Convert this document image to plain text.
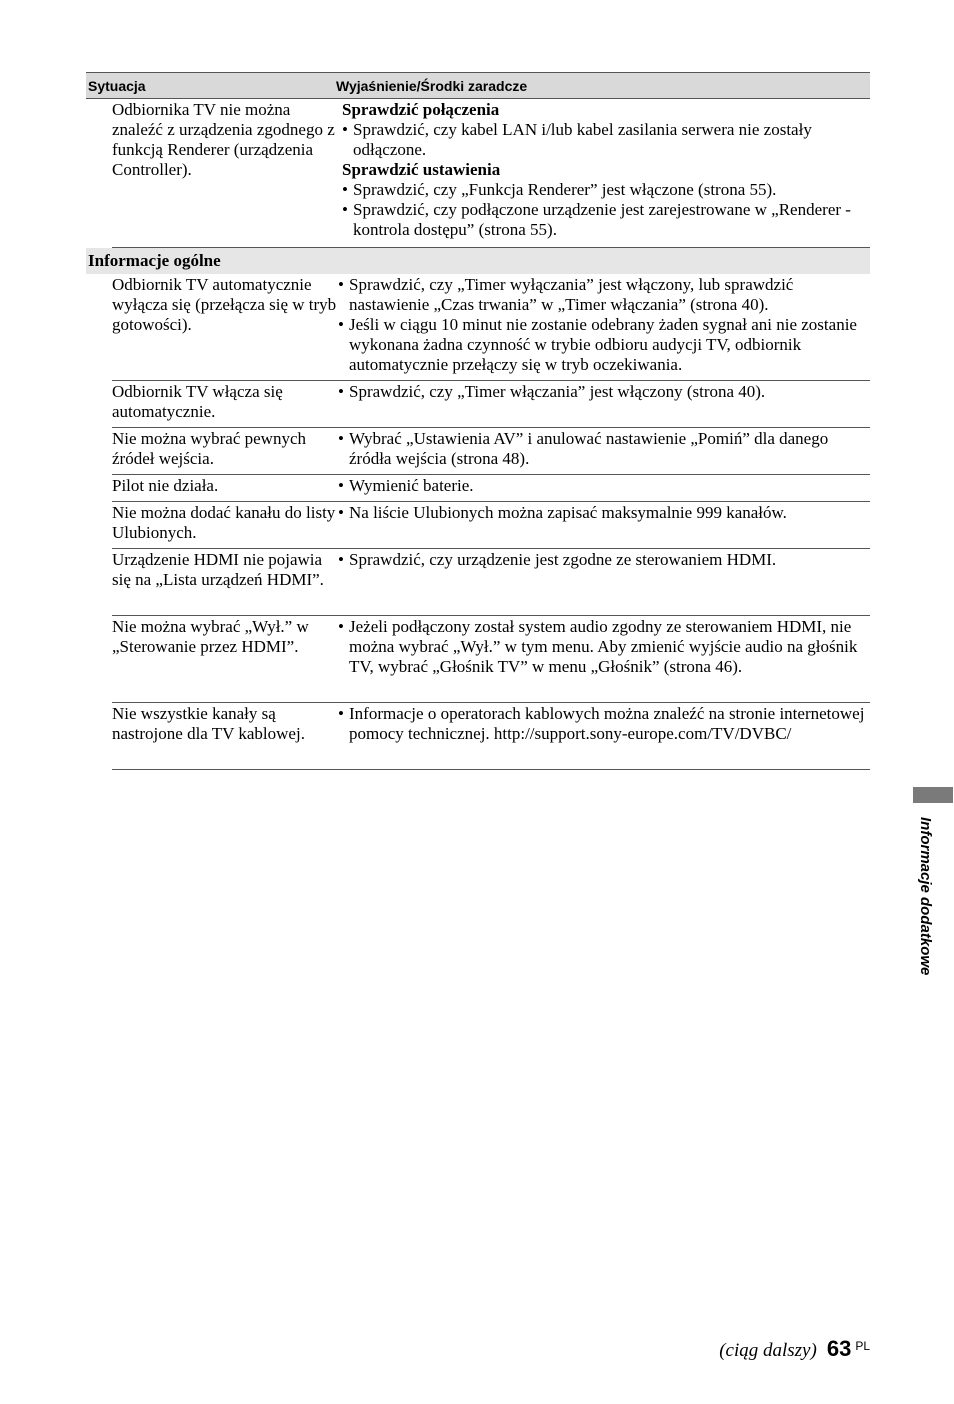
Sytuacja	Wyjaśnienie/Środki zaradcze
Odbiornika TV nie można znaleźć z urządzenia zgodnego z funkcją Renderer (urządzenia Controller).
Sprawdzić połączenia
• Sprawdzić, czy kabel LAN i/lub kabel zasilania serwera nie zostały odłączone.
Sprawdzić ustawienia
• Sprawdzić, czy „Funkcja Renderer” jest włączone (strona 55).
• Sprawdzić, czy podłączone urządzenie jest zarejestrowane w „Renderer - kontrola dostępu” (strona 55).
Informacje ogólne
Odbiornik TV automatycznie wyłącza się (przełącza się w tryb gotowości).
• Sprawdzić, czy „Timer wyłączania” jest włączony, lub sprawdzić nastawienie „Czas trwania” w „Timer włączania” (strona 40).
• Jeśli w ciągu 10 minut nie zostanie odebrany żaden sygnał ani nie zostanie wykonana żadna czynność w trybie odbioru audycji TV, odbiornik automatycznie przełączy się w tryb oczekiwania.
Odbiornik TV włącza się automatycznie.
• Sprawdzić, czy „Timer włączania” jest włączony (strona 40).
Nie można wybrać pewnych źródeł wejścia.
• Wybrać „Ustawienia AV” i anulować nastawienie „Pomiń” dla danego źródła wejścia (strona 48).
Pilot nie działa.	• Wymienić baterie.
Nie można dodać kanału do listy Ulubionych.
• Na liście Ulubionych można zapisać maksymalnie 999 kanałów.
Urządzenie HDMI nie pojawia się na „Lista urządzeń HDMI”.
• Sprawdzić, czy urządzenie jest zgodne ze sterowaniem HDMI.
Nie można wybrać „Wył.” w „Sterowanie przez HDMI”.
• Jeżeli podłączony został system audio zgodny ze sterowaniem HDMI, nie można wybrać „Wył.” w tym menu. Aby zmienić wyjście audio na głośnik TV, wybrać „Głośnik TV” w menu „Głośnik” (strona 46).
Nie wszystkie kanały są nastrojone dla TV kablowej.
• Informacje o operatorach kablowych można znaleźć na stronie internetowej pomocy technicznej. http://support.sony-europe.com/TV/DVBC/
Informacje dodatkowe
(ciąg dalszy) 63 PL
